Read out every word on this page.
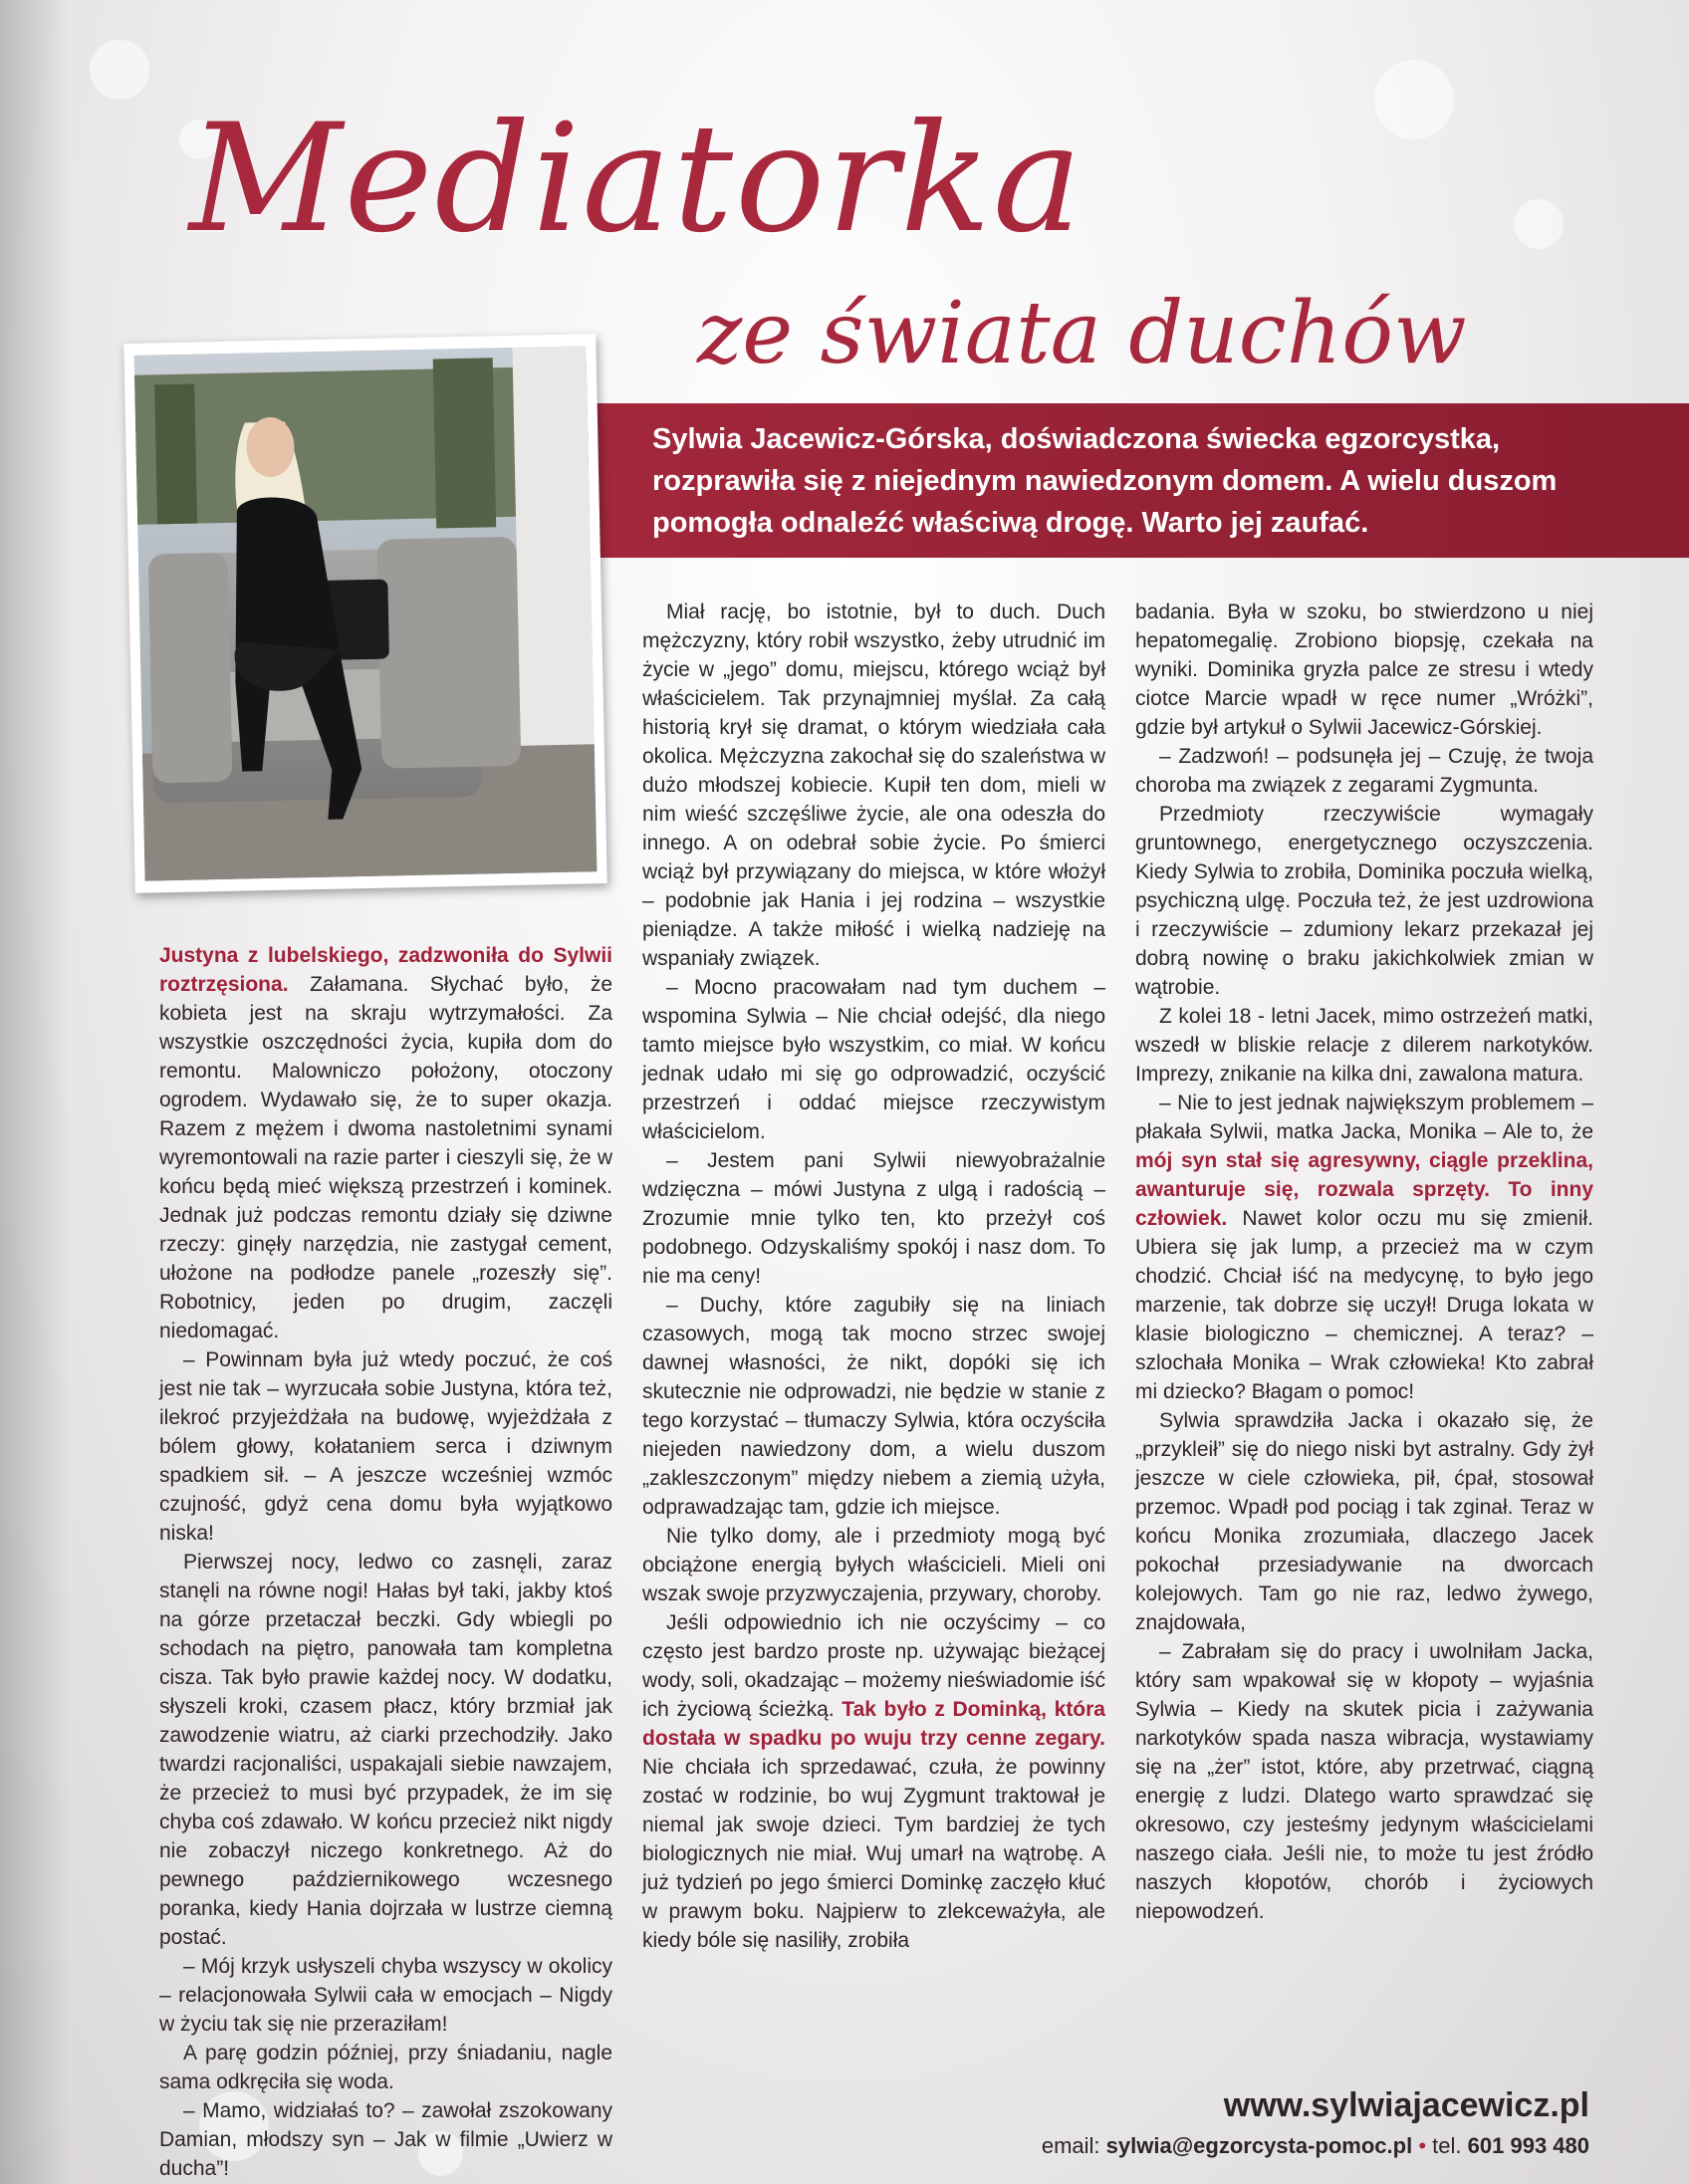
Mediatorka
ze świata duchów
Sylwia Jacewicz-Górska, doświadczona świecka egzorcystka, rozprawiła się z niejednym nawiedzonym domem. A wielu duszom pomogła odnaleźć właściwą drogę. Warto jej zaufać.

Justyna z lubelskiego, zadzwoniła do Sylwii roztrzęsiona. Załamana. Słychać było, że kobieta jest na skraju wytrzymałości. Za wszystkie oszczędności życia, kupiła dom do remontu. Malowniczo położony, otoczony ogrodem. Wydawało się, że to super okazja. Razem z mężem i dwoma nastoletnimi synami wyremontowali na razie parter i cieszyli się, że w końcu będą mieć większą przestrzeń i kominek. Jednak już podczas remontu działy się dziwne rzeczy: ginęły narzędzia, nie zastygał cement, ułożone na podłodze panele „rozeszły się”. Robotnicy, jeden po drugim, zaczęli niedomagać.

– Powinnam była już wtedy poczuć, że coś jest nie tak – wyrzucała sobie Justyna, która też, ilekroć przyjeżdżała na budowę, wyjeżdżała z bólem głowy, kołataniem serca i dziwnym spadkiem sił. – A jeszcze wcześniej wzmóc czujność, gdyż cena domu była wyjątkowo niska!

Pierwszej nocy, ledwo co zasnęli, zaraz stanęli na równe nogi! Hałas był taki, jakby ktoś na górze przetaczał beczki. Gdy wbiegli po schodach na piętro, panowała tam kompletna cisza. Tak było prawie każdej nocy. W dodatku, słyszeli kroki, czasem płacz, który brzmiał jak zawodzenie wiatru, aż ciarki przechodziły. Jako twardzi racjonaliści, uspakajali siebie nawzajem, że przecież to musi być przypadek, że im się chyba coś zdawało. W końcu przecież nikt nigdy nie zobaczył niczego konkretnego. Aż do pewnego październikowego wczesnego poranka, kiedy Hania dojrzała w lustrze ciemną postać.

– Mój krzyk usłyszeli chyba wszyscy w okolicy – relacjonowała Sylwii cała w emocjach – Nigdy w życiu tak się nie przeraziłam!

A parę godzin później, przy śniadaniu, nagle sama odkręciła się woda.

– Mamo, widziałaś to? – zawołał zszokowany Damian, młodszy syn – Jak w filmie „Uwierz w ducha”!

Miał rację, bo istotnie, był to duch. Duch mężczyzny, który robił wszystko, żeby utrudnić im życie w „jego” domu, miejscu, którego wciąż był właścicielem. Tak przynajmniej myślał. Za całą historią krył się dramat, o którym wiedziała cała okolica. Mężczyzna zakochał się do szaleństwa w dużo młodszej kobiecie. Kupił ten dom, mieli w nim wieść szczęśliwe życie, ale ona odeszła do innego. A on odebrał sobie życie. Po śmierci wciąż był przywiązany do miejsca, w które włożył – podobnie jak Hania i jej rodzina – wszystkie pieniądze. A także miłość i wielką nadzieję na wspaniały związek.

– Mocno pracowałam nad tym duchem – wspomina Sylwia – Nie chciał odejść, dla niego tamto miejsce było wszystkim, co miał. W końcu jednak udało mi się go odprowadzić, oczyścić przestrzeń i oddać miejsce rzeczywistym właścicielom.

– Jestem pani Sylwii niewyobrażalnie wdzięczna – mówi Justyna z ulgą i radością – Zrozumie mnie tylko ten, kto przeżył coś podobnego. Odzyskaliśmy spokój i nasz dom. To nie ma ceny!

– Duchy, które zagubiły się na liniach czasowych, mogą tak mocno strzec swojej dawnej własności, że nikt, dopóki się ich skutecznie nie odprowadzi, nie będzie w stanie z tego korzystać – tłumaczy Sylwia, która oczyściła niejeden nawiedzony dom, a wielu duszom „zakleszczonym” między niebem a ziemią użyła, odprawadzając tam, gdzie ich miejsce.

Nie tylko domy, ale i przedmioty mogą być obciążone energią byłych właścicieli. Mieli oni wszak swoje przyzwyczajenia, przywary, choroby.

Jeśli odpowiednio ich nie oczyścimy – co często jest bardzo proste np. używając bieżącej wody, soli, okadzając – możemy nieświadomie iść ich życiową ścieżką. Tak było z Dominką, która dostała w spadku po wuju trzy cenne zegary. Nie chciała ich sprzedawać, czuła, że powinny zostać w rodzinie, bo wuj Zygmunt traktował je niemal jak swoje dzieci. Tym bardziej że tych biologicznych nie miał. Wuj umarł na wątrobę. A już tydzień po jego śmierci Dominkę zaczęło kłuć w prawym boku. Najpierw to zlekceważyła, ale kiedy bóle się nasiliły, zrobiła

badania. Była w szoku, bo stwierdzono u niej hepatomegalię. Zrobiono biopsję, czekała na wyniki. Dominika gryzła palce ze stresu i wtedy ciotce Marcie wpadł w ręce numer „Wróżki”, gdzie był artykuł o Sylwii Jacewicz-Górskiej.

– Zadzwoń! – podsunęła jej – Czuję, że twoja choroba ma związek z zegarami Zygmunta.

Przedmioty rzeczywiście wymagały gruntownego, energetycznego oczyszczenia. Kiedy Sylwia to zrobiła, Dominika poczuła wielką, psychiczną ulgę. Poczuła też, że jest uzdrowiona i rzeczywiście – zdumiony lekarz przekazał jej dobrą nowinę o braku jakichkolwiek zmian w wątrobie.

Z kolei 18 - letni Jacek, mimo ostrzeżeń matki, wszedł w bliskie relacje z dilerem narkotyków. Imprezy, znikanie na kilka dni, zawalona matura.

– Nie to jest jednak największym problemem – płakała Sylwii, matka Jacka, Monika – Ale to, że mój syn stał się agresywny, ciągle przeklina, awanturuje się, rozwala sprzęty. To inny człowiek. Nawet kolor oczu mu się zmienił. Ubiera się jak lump, a przecież ma w czym chodzić. Chciał iść na medycynę, to było jego marzenie, tak dobrze się uczył! Druga lokata w klasie biologiczno – chemicznej. A teraz? – szlochała Monika – Wrak człowieka! Kto zabrał mi dziecko? Błagam o pomoc!

Sylwia sprawdziła Jacka i okazało się, że „przykleił” się do niego niski byt astralny. Gdy żył jeszcze w ciele człowieka, pił, ćpał, stosował przemoc. Wpadł pod pociąg i tak zginał. Teraz w końcu Monika zrozumiała, dlaczego Jacek pokochał przesiadywanie na dworcach kolejowych. Tam go nie raz, ledwo żywego, znajdowała,

– Zabrałam się do pracy i uwolniłam Jacka, który sam wpakował się w kłopoty – wyjaśnia Sylwia – Kiedy na skutek picia i zażywania narkotyków spada nasza wibracja, wystawiamy się na „żer” istot, które, aby przetrwać, ciągną energię z ludzi. Dlatego warto sprawdzać się okresowo, czy jesteśmy jedynym właścicielami naszego ciała. Jeśli nie, to może tu jest źródło naszych kłopotów, chorób i życiowych niepowodzeń.

www.sylwiajacewicz.pl
email: sylwia@egzorcysta-pomoc.pl • tel. 601 993 480
